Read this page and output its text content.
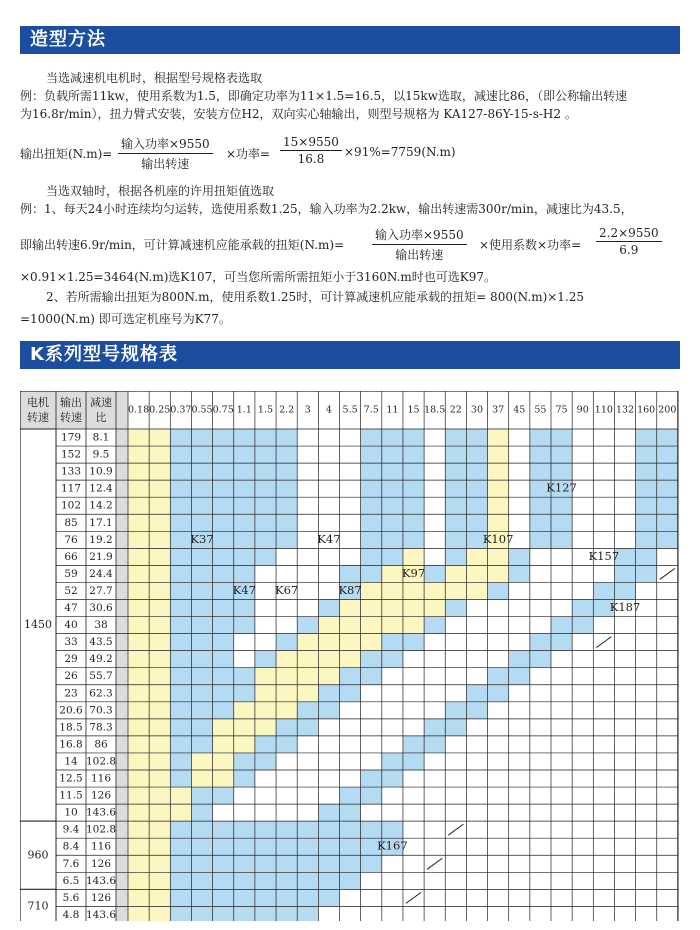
造型方法
当选减速机电机时，根据型号规格表选取
例：负载所需11kw，使用系数为1.5，即确定功率为11×1.5=16.5，以15kw选取，减速比86，（即公称输出转速
为16.8r/min），扭力臂式安装，安装方位H2，双向实心轴输出，则型号规格为 KA127-86Y-15-s-H2 。
输出扭矩(N.m)=
输入功率×9550
输出转速
×功率= $\frac{15\times 9550}{16.8} \times 91\%=7759(N.m)$
当选双轴时，根据各机座的许用扭矩值选取
例：1、每天24小时连续均匀运转，选使用系数1.25，输入功率为2.2kw，输出转速需300r/min，减速比为43.5，
即输出转速6.9r/min，可计算减速机应能承载的扭矩(N.m)=
输入功率×9550
输出转速
×使用系数×功率= $\frac{2.2\times 9550}{6.9}$
×0.91×1.25=3464(N.m)选K107，可当您所需所需扭矩小于3160N.m时也可选K97。
2、若所需输出扭矩为800N.m，使用系数1.25时，可计算减速机应能承载的扭矩= 800(N.m)×1.25
=1000(N.m) 即可选定机座号为K77。
K系列型号规格表
电机
转速
输出
转速
减速
比
0.18 0.25 0.37 0.55 0.75 1.1 1.5 2.2 3 4 5.5 7.5 11 15 18.5 22 30 37 45 55 75 90 110 132 160 200
179 8.1
152 9.5
133 10.9
117 12.4
102 14.2
85 17.1
76 19.2
66 21.9
59 24.4
52 27.7
47 30.6
40 38
33 43.5
29 49.2
26 55.7
23 62.3
20.6 70.3
18.5 78.3
16.8 86
14 102.8
12.5 116
11.5 126
10 143.6
9.4 102.8
8.4 116
7.6 126
6.5 143.6
5.6 126
4.8 143.6
1450
960
710
K37	K47
K47 K67	K87
K97
K107
K127
K157
K187
K167
